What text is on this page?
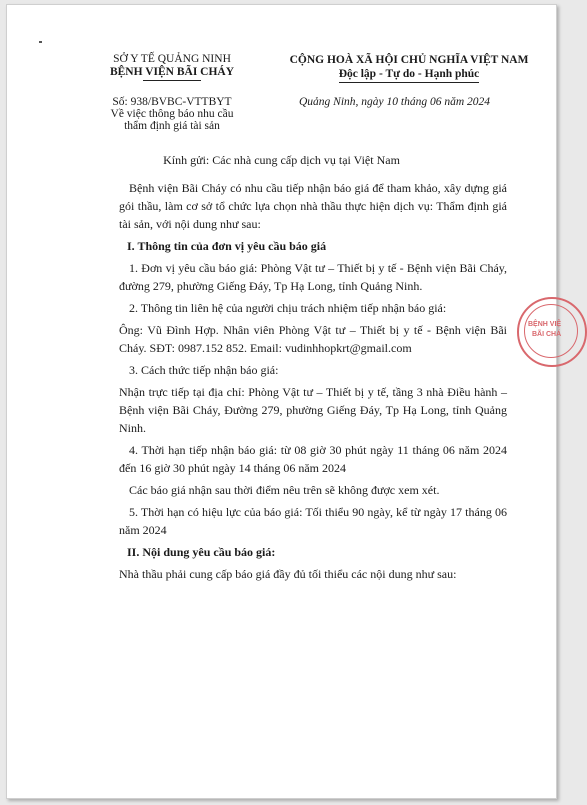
SỞ Y TẾ QUẢNG NINH
BỆNH VIỆN BÃI CHÁY
CỘNG HOÀ XÃ HỘI CHỦ NGHĨA VIỆT NAM
Độc lập - Tự do - Hạnh phúc
Số: 938/BVBC-VTTBYT
Về việc thông báo nhu cầu
thẩm định giá tài sản
Quảng Ninh, ngày 10 tháng 06 năm 2024
Kính gửi: Các nhà cung cấp dịch vụ tại Việt Nam

Bệnh viện Bãi Cháy có nhu cầu tiếp nhận báo giá để tham khảo, xây dựng giá gói thầu, làm cơ sở tổ chức lựa chọn nhà thầu thực hiện dịch vụ: Thẩm định giá tài sản, với nội dung như sau:

I. Thông tin của đơn vị yêu cầu báo giá

1. Đơn vị yêu cầu báo giá: Phòng Vật tư – Thiết bị y tế - Bệnh viện Bãi Cháy, đường 279, phường Giếng Đáy, Tp Hạ Long, tỉnh Quảng Ninh.

2. Thông tin liên hệ của người chịu trách nhiệm tiếp nhận báo giá:

Ông: Vũ Đình Hợp. Nhân viên Phòng Vật tư – Thiết bị y tế - Bệnh viện Bãi Cháy. SĐT: 0987.152 852. Email: vudinhhopkrt@gmail.com

3. Cách thức tiếp nhận báo giá:

Nhận trực tiếp tại địa chỉ: Phòng Vật tư – Thiết bị y tế, tầng 3 nhà Điều hành – Bệnh viện Bãi Cháy, Đường 279, phường Giếng Đáy, Tp Hạ Long, tỉnh Quảng Ninh.

4. Thời hạn tiếp nhận báo giá: từ 08 giờ 30 phút ngày 11 tháng 06 năm 2024 đến 16 giờ 30 phút ngày 14 tháng 06 năm 2024

Các báo giá nhận sau thời điểm nêu trên sẽ không được xem xét.

5. Thời hạn có hiệu lực của báo giá: Tối thiểu 90 ngày, kể từ ngày 17 tháng 06 năm 2024

II. Nội dung yêu cầu báo giá:

Nhà thầu phải cung cấp báo giá đầy đủ tối thiểu các nội dung như sau:

BỆNH VIỆ
BÃI CHÁ
